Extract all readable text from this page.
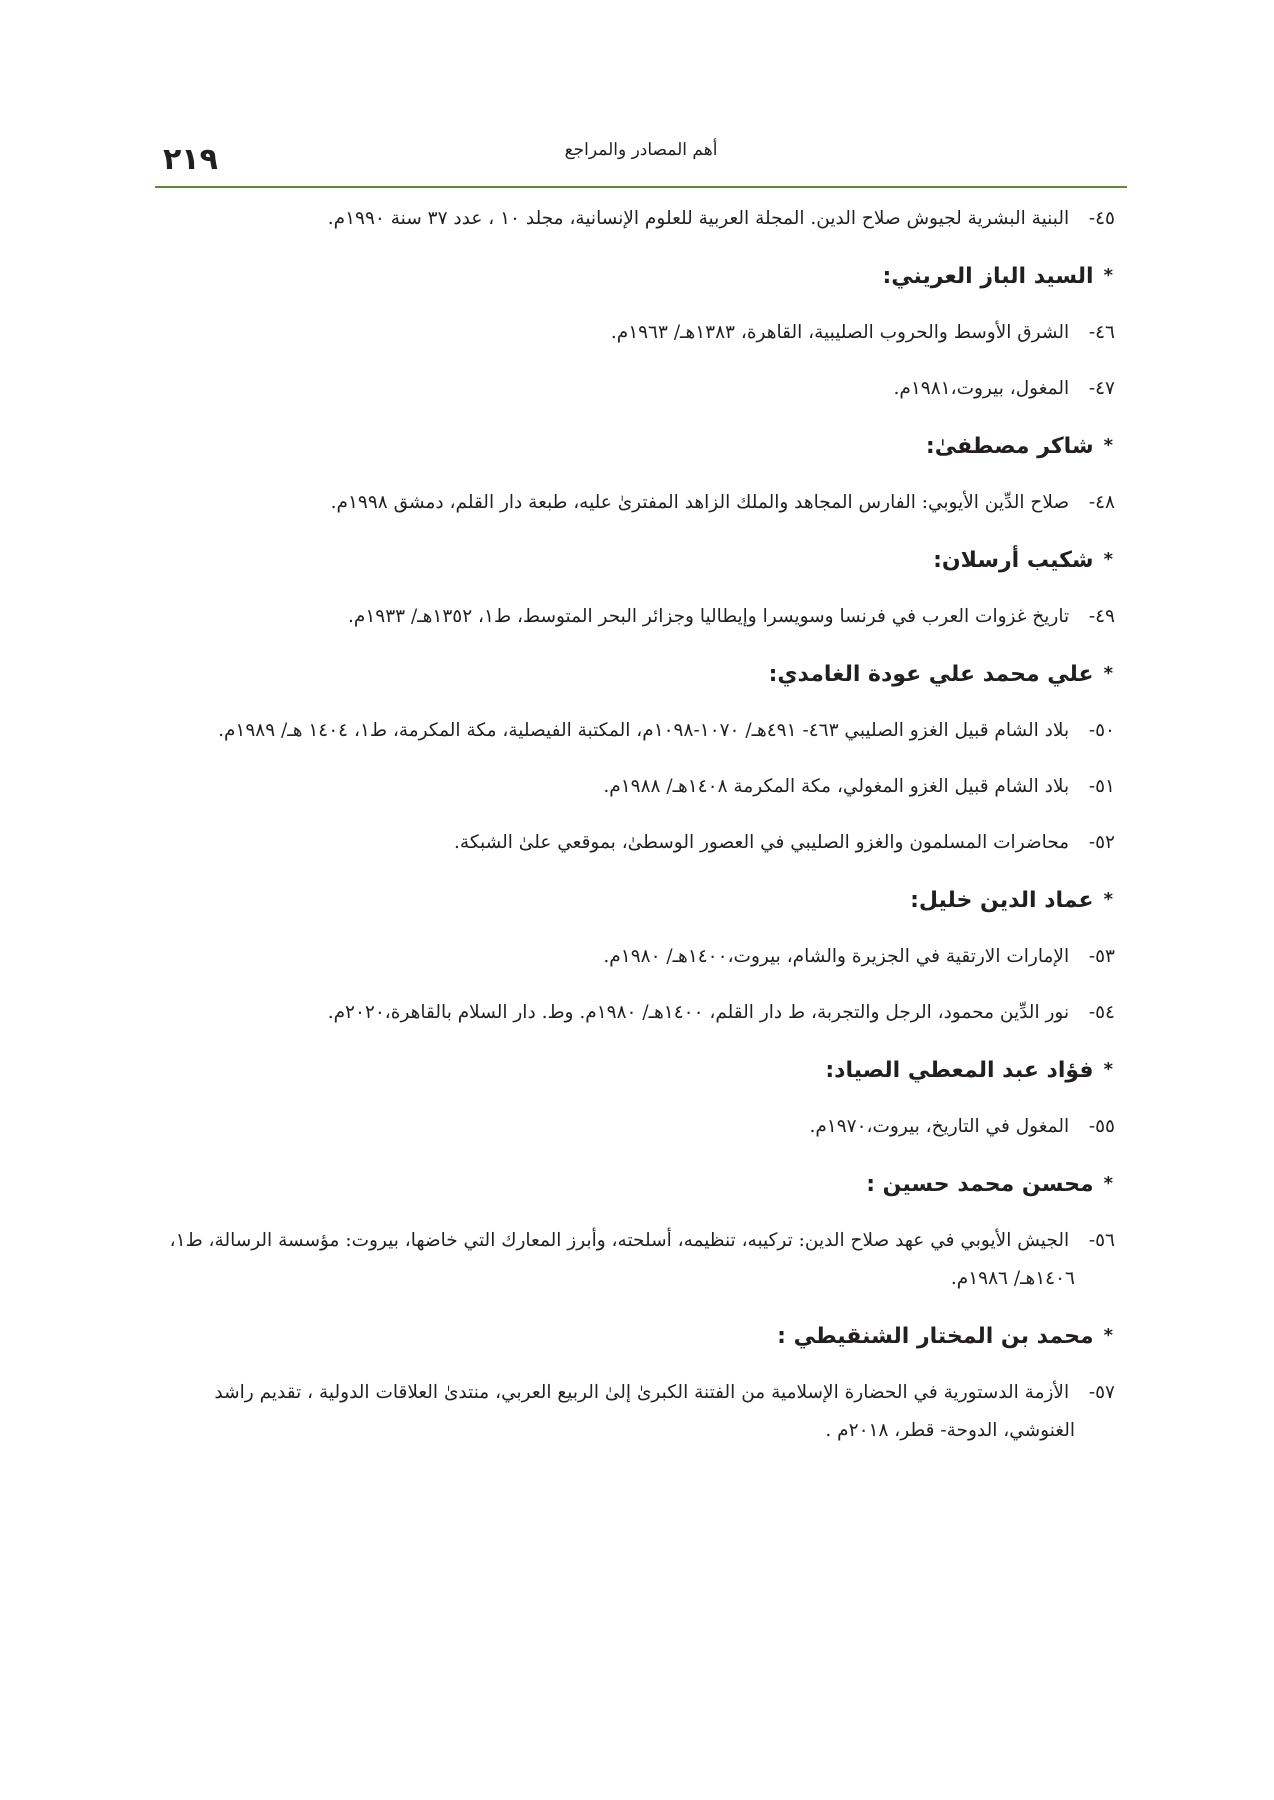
٢١٩	أهم المصادر والمراجع
٤٥- البنية البشرية لجيوش صلاح الدين. المجلة العربية للعلوم الإنسانية، مجلد ١٠ ، عدد ٣٧ سنة ١٩٩٠م.
*السيد الباز العريني:
٤٦- الشرق الأوسط والحروب الصليبية، القاهرة، ١٣٨٣هـ/ ١٩٦٣م.
٤٧- المغول، بيروت،١٩٨١م.
*شاكر مصطفىٰ:
٤٨- صلاح الدِّين الأيوبي: الفارس المجاهد والملك الزاهد المفترىٰ عليه، طبعة دار القلم، دمشق ١٩٩٨م.
*شكيب أرسلان:
٤٩- تاريخ غزوات العرب في فرنسا وسويسرا وإيطاليا وجزائر البحر المتوسط، ط١، ١٣٥٢هـ/ ١٩٣٣م.
*علي محمد علي عودة الغامدي:
٥٠- بلاد الشام قبيل الغزو الصليبي ٤٦٣- ٤٩١هـ/ ١٠٧٠-١٠٩٨م، المكتبة الفيصلية، مكة المكرمة، ط١، ١٤٠٤ هـ/ ١٩٨٩م.
٥١- بلاد الشام قبيل الغزو المغولي، مكة المكرمة ١٤٠٨هـ/ ١٩٨٨م.
٥٢- محاضرات المسلمون والغزو الصليبي في العصور الوسطىٰ، بموقعي علىٰ الشبكة.
*عماد الدين خليل:
٥٣- الإمارات الارتقية في الجزيرة والشام، بيروت،١٤٠٠هـ/ ١٩٨٠م.
٥٤- نور الدِّين محمود، الرجل والتجربة، ط دار القلم، ١٤٠٠هـ/ ١٩٨٠م. وط. دار السلام بالقاهرة،٢٠٢٠م.
*فؤاد عبد المعطي الصياد:
٥٥- المغول في التاريخ، بيروت،١٩٧٠م.
*محسن محمد حسين :
٥٦- الجيش الأيوبي في عهد صلاح الدين: تركيبه، تنظيمه، أسلحته، وأبرز المعارك التي خاضها، بيروت: مؤسسة الرسالة، ط١، ١٤٠٦هـ/ ١٩٨٦م.
*محمد بن المختار الشنقيطي :
٥٧- الأزمة الدستورية في الحضارة الإسلامية من الفتنة الكبرىٰ إلىٰ الربيع العربي، منتدىٰ العلاقات الدولية ، تقديم راشد الغنوشي، الدوحة- قطر، ٢٠١٨م .
